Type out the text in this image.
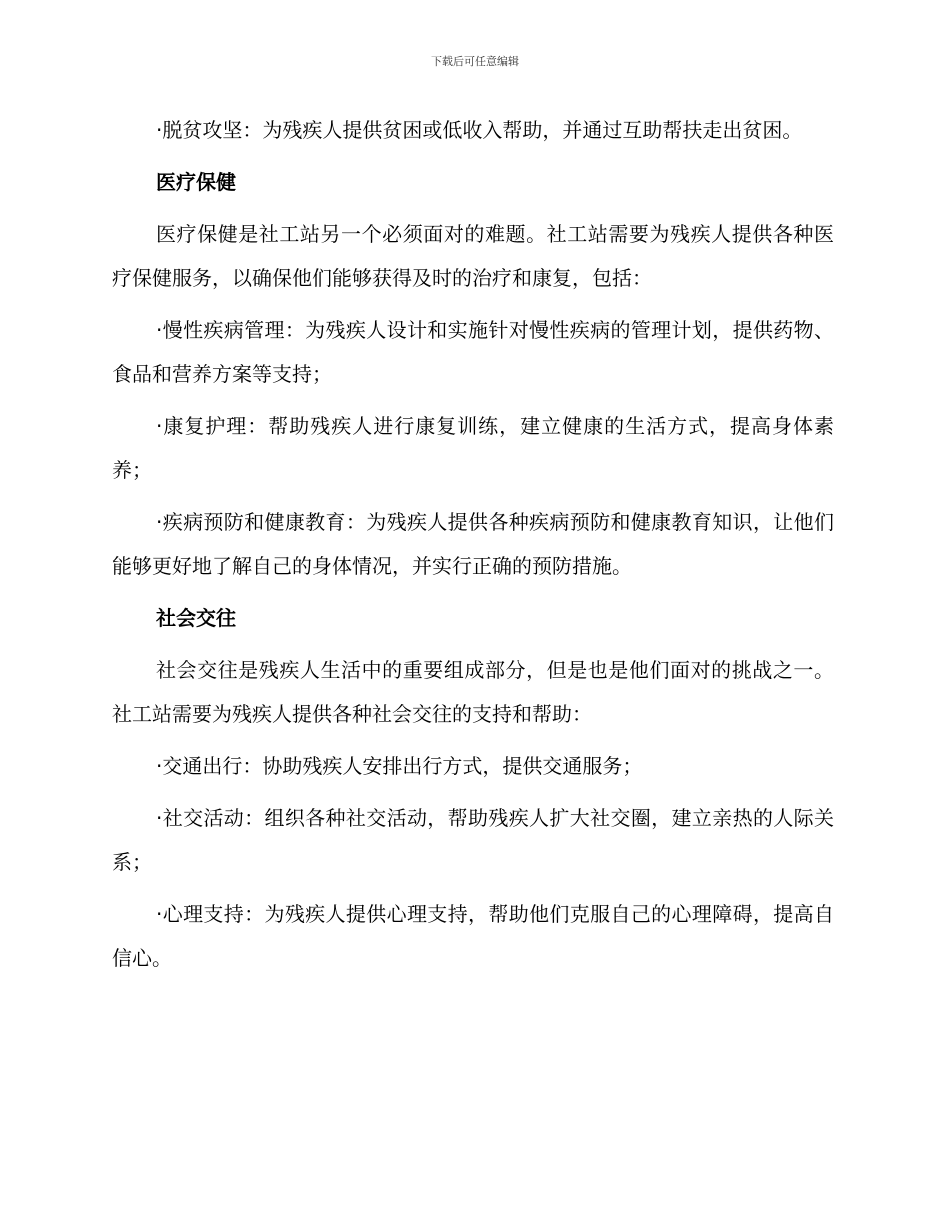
下载后可任意编辑

·脱贫攻坚：为残疾人提供贫困或低收入帮助，并通过互助帮扶走出贫困。

医疗保健

医疗保健是社工站另一个必须面对的难题。社工站需要为残疾人提供各种医疗保健服务，以确保他们能够获得及时的治疗和康复，包括：

·慢性疾病管理：为残疾人设计和实施针对慢性疾病的管理计划，提供药物、食品和营养方案等支持；

·康复护理：帮助残疾人进行康复训练，建立健康的生活方式，提高身体素养；

·疾病预防和健康教育：为残疾人提供各种疾病预防和健康教育知识，让他们能够更好地了解自己的身体情况，并实行正确的预防措施。

社会交往

社会交往是残疾人生活中的重要组成部分，但是也是他们面对的挑战之一。社工站需要为残疾人提供各种社会交往的支持和帮助：

·交通出行：协助残疾人安排出行方式，提供交通服务；

·社交活动：组织各种社交活动，帮助残疾人扩大社交圈，建立亲热的人际关系；

·心理支持：为残疾人提供心理支持，帮助他们克服自己的心理障碍，提高自信心。
